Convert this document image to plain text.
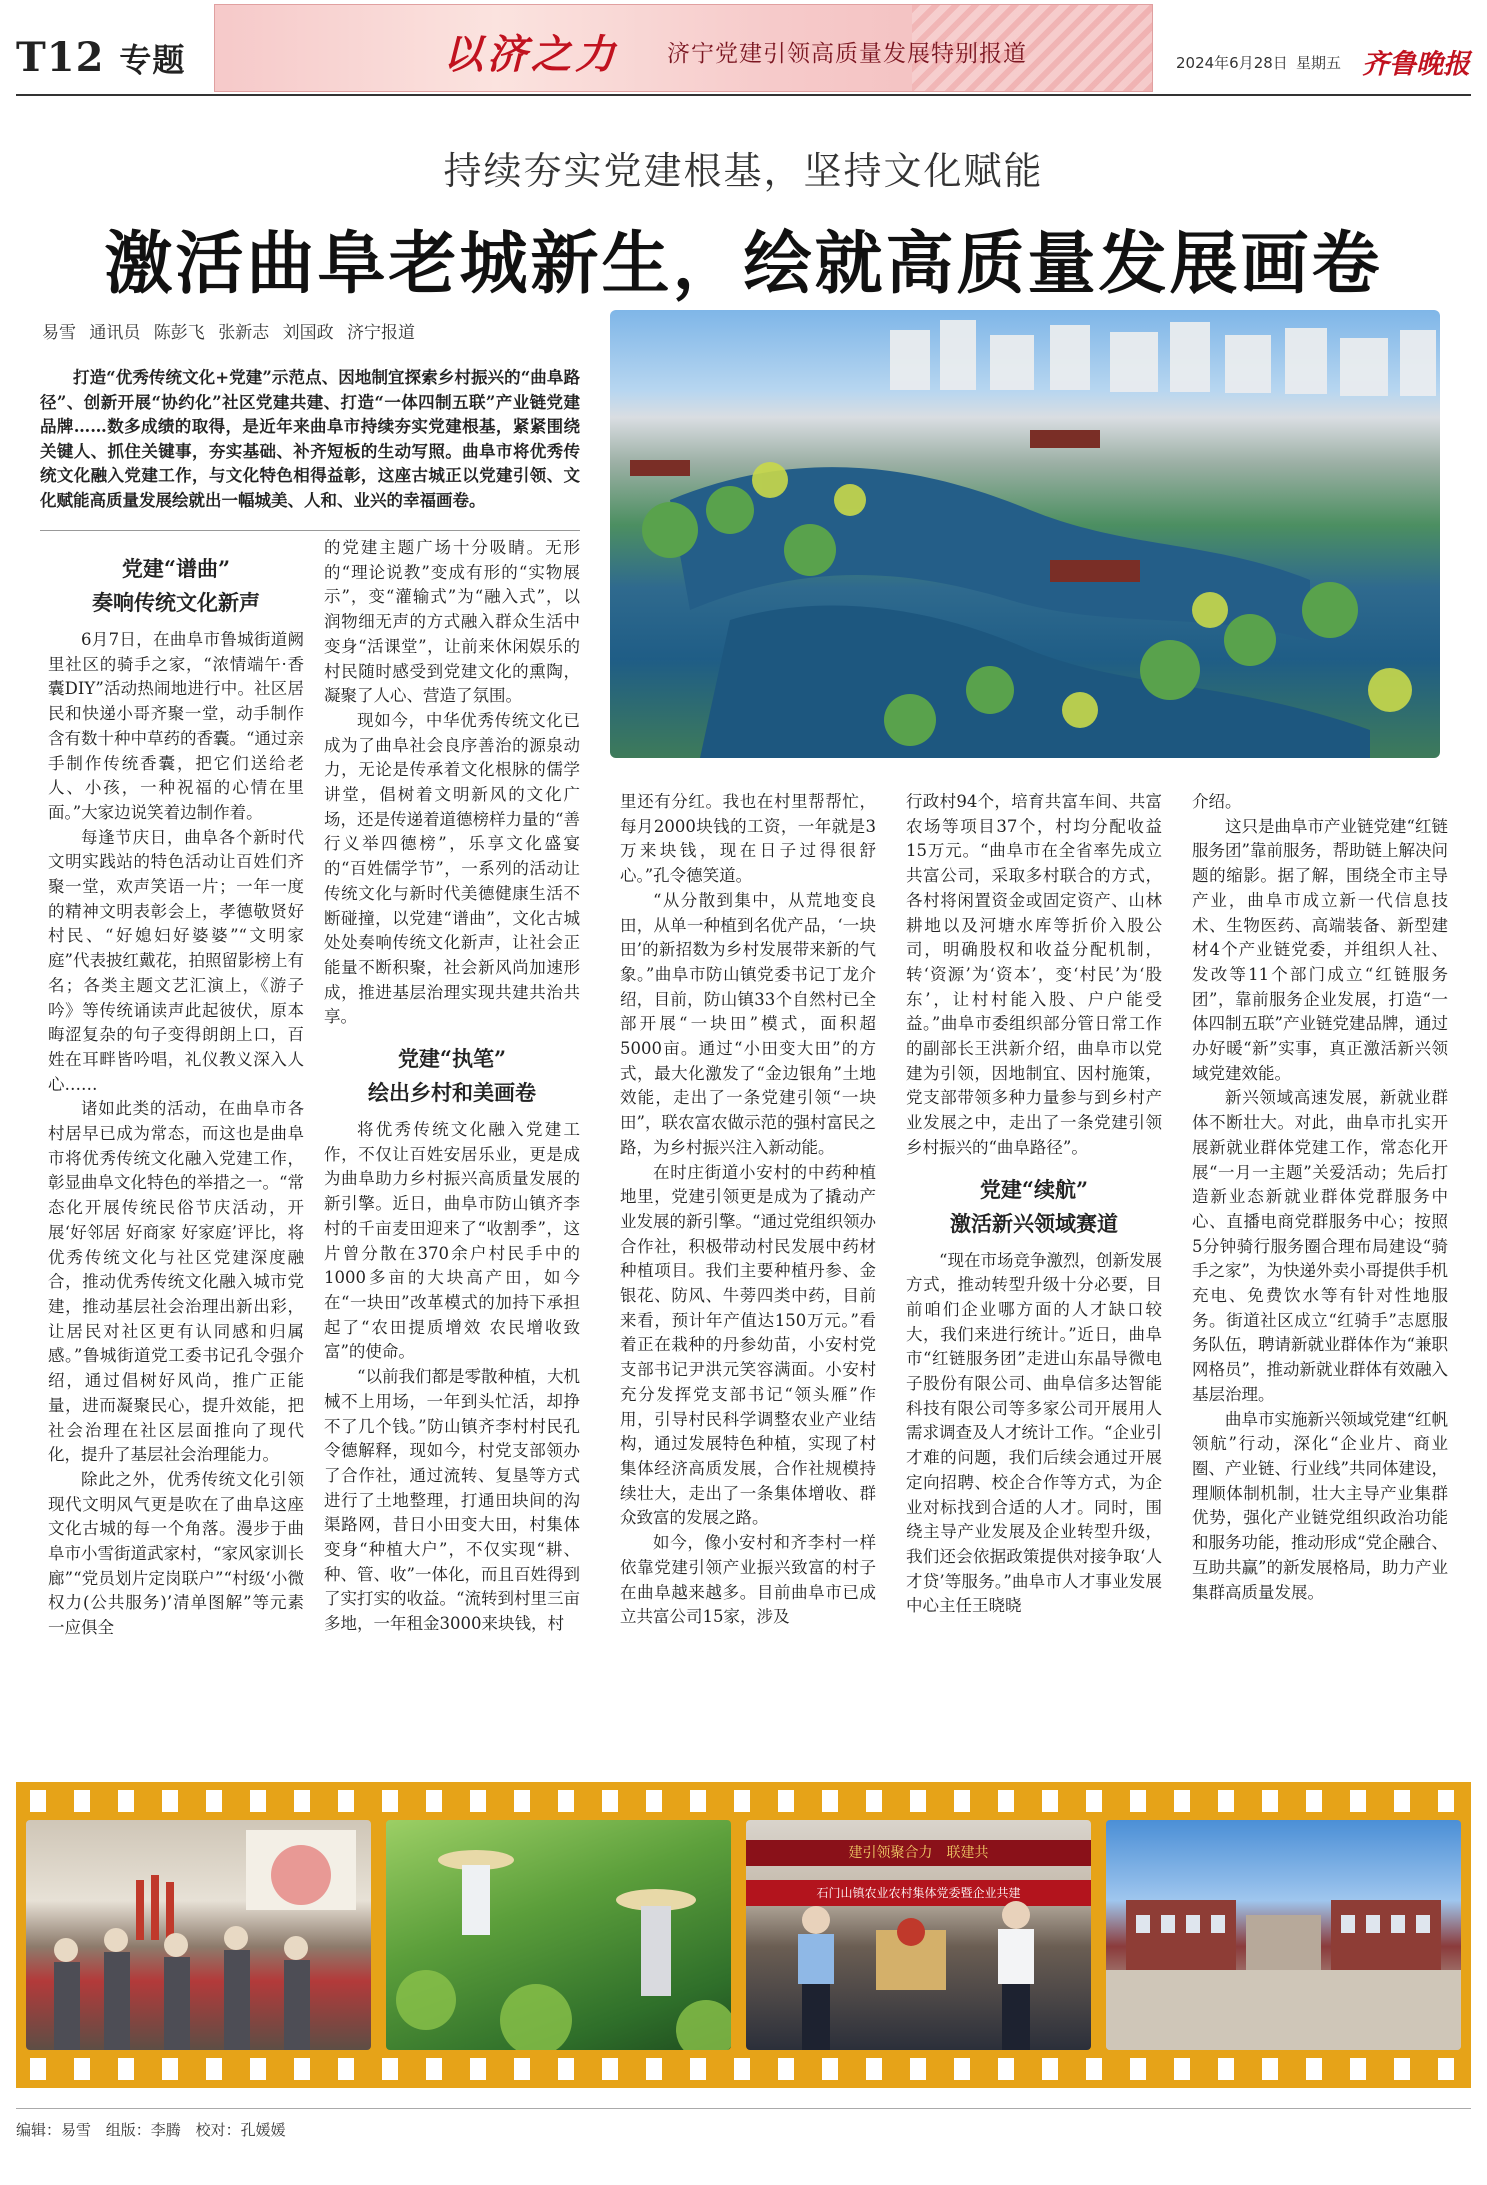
T12 专题	以济之力 济宁党建引领高质量发展特别报道	2024年6月28日 星期五 齐鲁晚报
持续夯实党建根基，坚持文化赋能
激活曲阜老城新生，绘就高质量发展画卷
易雪 通讯员 陈彭飞 张新志 刘国政 济宁报道
打造“优秀传统文化+党建”示范点、因地制宜探索乡村振兴的“曲阜路径”、创新开展“协约化”社区党建共建、打造“一体四制五联”产业链党建品牌……数多成绩的取得，是近年来曲阜市持续夯实党建根基，紧紧围绕关键人、抓住关键事，夯实基础、补齐短板的生动写照。曲阜市将优秀传统文化融入党建工作，与文化特色相得益彰，这座古城正以党建引领、文化赋能高质量发展绘就出一幅城美、人和、业兴的幸福画卷。
党建“谱曲”
奏响传统文化新声

6月7日，在曲阜市鲁城街道阙里社区的骑手之家，“浓情端午·香囊DIY”活动热闹地进行中。社区居民和快递小哥齐聚一堂，动手制作含有数十种中草药的香囊。“通过亲手制作传统香囊，把它们送给老人、小孩，一种祝福的心情在里面。”大家边说笑着边制作着。

每逢节庆日，曲阜各个新时代文明实践站的特色活动让百姓们齐聚一堂，欢声笑语一片；一年一度的精神文明表彰会上，孝德敬贤好村民、“好媳妇好婆婆”“文明家庭”代表披红戴花，拍照留影榜上有名；各类主题文艺汇演上，《游子吟》等传统诵读声此起彼伏，原本晦涩复杂的句子变得朗朗上口，百姓在耳畔皆吟唱，礼仪教义深入人心……

诸如此类的活动，在曲阜市各村居早已成为常态，而这也是曲阜市将优秀传统文化融入党建工作，彰显曲阜文化特色的举措之一。“常态化开展传统民俗节庆活动，开展‘好邻居 好商家 好家庭’评比，将优秀传统文化与社区党建深度融合，推动优秀传统文化融入城市党建，推动基层社会治理出新出彩，让居民对社区更有认同感和归属感。”鲁城街道党工委书记孔令强介绍，通过倡树好风尚，推广正能量，进而凝聚民心，提升效能，把社会治理在社区层面推向了现代化，提升了基层社会治理能力。

除此之外，优秀传统文化引领现代文明风气更是吹在了曲阜这座文化古城的每一个角落。漫步于曲阜市小雪街道武家村，“家风家训长廊”“党员划片定岗联户”“村级‘小微权力(公共服务)’清单图解”等元素一应俱全

的党建主题广场十分吸睛。无形的“理论说教”变成有形的“实物展示”，变“灌输式”为“融入式”，以润物细无声的方式融入群众生活中变身“活课堂”，让前来休闲娱乐的村民随时感受到党建文化的熏陶，凝聚了人心、营造了氛围。

现如今，中华优秀传统文化已成为了曲阜社会良序善治的源泉动力，无论是传承着文化根脉的儒学讲堂，倡树着文明新风的文化广场，还是传递着道德榜样力量的“善行义举四德榜”，乐享文化盛宴的“百姓儒学节”，一系列的活动让传统文化与新时代美德健康生活不断碰撞，以党建“谱曲”，文化古城处处奏响传统文化新声，让社会正能量不断积聚，社会新风尚加速形成，推进基层治理实现共建共治共享。

党建“执笔”
绘出乡村和美画卷

将优秀传统文化融入党建工作，不仅让百姓安居乐业，更是成为曲阜助力乡村振兴高质量发展的新引擎。近日，曲阜市防山镇齐李村的千亩麦田迎来了“收割季”，这片曾分散在370余户村民手中的1000多亩的大块高产田，如今在“一块田”改革模式的加持下承担起了“农田提质增效 农民增收致富”的使命。

“以前我们都是零散种植，大机械不上用场，一年到头忙活，却挣不了几个钱。”防山镇齐李村村民孔令德解释，现如今，村党支部领办了合作社，通过流转、复垦等方式进行了土地整理，打通田块间的沟渠路网，昔日小田变大田，村集体变身“种植大户”，不仅实现“耕、种、管、收”一体化，而且百姓得到了实打实的收益。“流转到村里三亩多地，一年租金3000来块钱，村

里还有分红。我也在村里帮帮忙，每月2000块钱的工资，一年就是3万来块钱，现在日子过得很舒心。”孔令德笑道。

“从分散到集中，从荒地变良田，从单一种植到名优产品，‘一块田’的新招数为乡村发展带来新的气象。”曲阜市防山镇党委书记丁龙介绍，目前，防山镇33个自然村已全部开展“一块田”模式，面积超5000亩。通过“小田变大田”的方式，最大化激发了“金边银角”土地效能，走出了一条党建引领“一块田”，联农富农做示范的强村富民之路，为乡村振兴注入新动能。

在时庄街道小安村的中药种植地里，党建引领更是成为了撬动产业发展的新引擎。“通过党组织领办合作社，积极带动村民发展中药材种植项目。我们主要种植丹参、金银花、防风、牛蒡四类中药，目前来看，预计年产值达150万元。”看着正在栽种的丹参幼苗，小安村党支部书记尹洪元笑容满面。小安村充分发挥党支部书记“领头雁”作用，引导村民科学调整农业产业结构，通过发展特色种植，实现了村集体经济高质发展，合作社规模持续壮大，走出了一条集体增收、群众致富的发展之路。

如今，像小安村和齐李村一样依靠党建引领产业振兴致富的村子在曲阜越来越多。目前曲阜市已成立共富公司15家，涉及

行政村94个，培育共富车间、共富农场等项目37个，村均分配收益15万元。“曲阜市在全省率先成立共富公司，采取多村联合的方式，各村将闲置资金或固定资产、山林耕地以及河塘水库等折价入股公司，明确股权和收益分配机制，转‘资源’为‘资本’，变‘村民’为‘股东’，让村村能入股、户户能受益。”曲阜市委组织部分管日常工作的副部长王洪新介绍，曲阜市以党建为引领，因地制宜、因村施策，党支部带领多种力量参与到乡村产业发展之中，走出了一条党建引领乡村振兴的“曲阜路径”。

党建“续航”
激活新兴领域赛道

“现在市场竞争激烈，创新发展方式，推动转型升级十分必要，目前咱们企业哪方面的人才缺口较大，我们来进行统计。”近日，曲阜市“红链服务团”走进山东晶导微电子股份有限公司、曲阜信多达智能科技有限公司等多家公司开展用人需求调查及人才统计工作。“企业引才难的问题，我们后续会通过开展定向招聘、校企合作等方式，为企业对标找到合适的人才。同时，围绕主导产业发展及企业转型升级，我们还会依据政策提供对接争取‘人才贷’等服务。”曲阜市人才事业发展中心主任王晓晓

介绍。

这只是曲阜市产业链党建“红链服务团”靠前服务，帮助链上解决问题的缩影。据了解，围绕全市主导产业，曲阜市成立新一代信息技术、生物医药、高端装备、新型建材4个产业链党委，并组织人社、发改等11个部门成立“红链服务团”，靠前服务企业发展，打造“一体四制五联”产业链党建品牌，通过办好暖“新”实事，真正激活新兴领域党建效能。

新兴领域高速发展，新就业群体不断壮大。对此，曲阜市扎实开展新就业群体党建工作，常态化开展“一月一主题”关爱活动；先后打造新业态新就业群体党群服务中心、直播电商党群服务中心；按照5分钟骑行服务圈合理布局建设“骑手之家”，为快递外卖小哥提供手机充电、免费饮水等有针对性地服务。街道社区成立“红骑手”志愿服务队伍，聘请新就业群体作为“兼职网格员”，推动新就业群体有效融入基层治理。

曲阜市实施新兴领域党建“红帆领航”行动，深化“企业片、商业圈、产业链、行业线”共同体建设，理顺体制机制，壮大主导产业集群优势，强化产业链党组织政治功能和服务功能，推动形成“党企融合、互助共赢”的新发展格局，助力产业集群高质量发展。

建引领聚合力　联建共
石门山镇农业农村集体党委暨企业共建
编辑：易雪 组版：李腾 校对：孔媛媛
